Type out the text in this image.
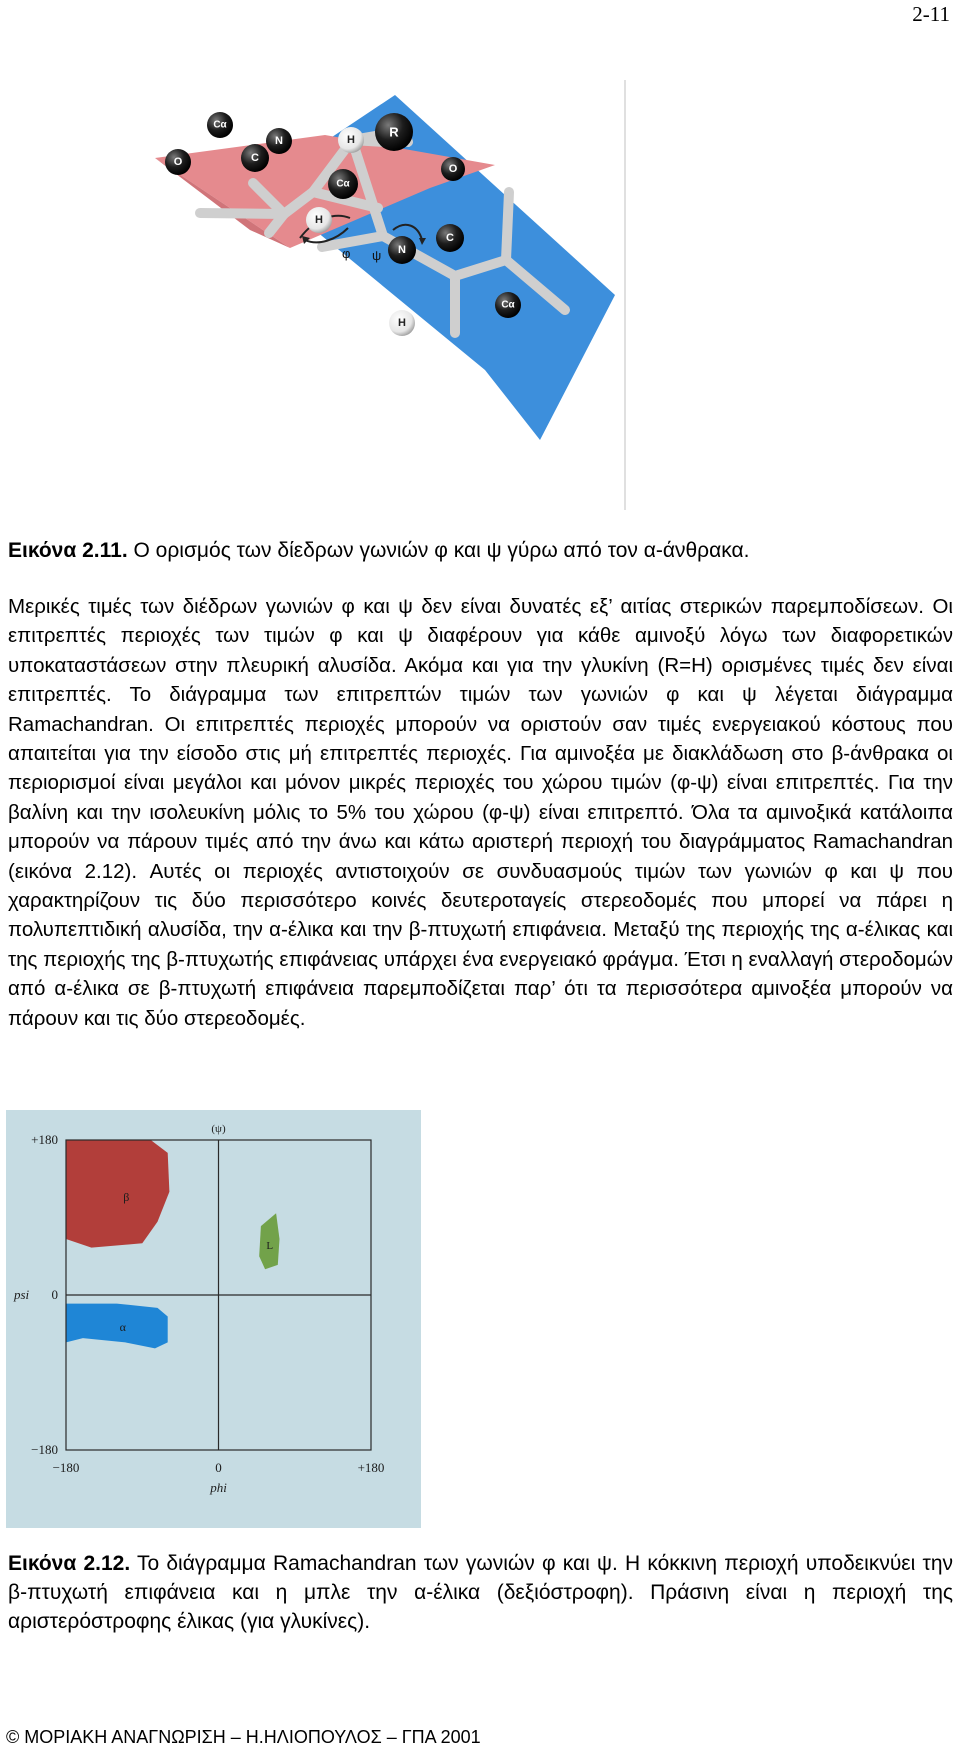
2-11
φ ψ
Cα
O	C
N	H
R
Cα
H
O
N
C
H
Cα
Εικόνα 2.11. Ο ορισμός των δίεδρων γωνιών φ και ψ γύρω από τον α-άνθρακα.
Μερικές τιμές των διέδρων γωνιών φ και ψ δεν είναι δυνατές εξ’ αιτίας στερικών παρεμποδίσεων. Οι επιτρεπτές περιοχές των τιμών φ και ψ διαφέρουν για κάθε αμινοξύ λόγω των διαφορετικών υποκαταστάσεων στην πλευρική αλυσίδα. Ακόμα και για την γλυκίνη (R=H) ορισμένες τιμές δεν είναι επιτρεπτές. Το διάγραμμα των επιτρεπτών τιμών των γωνιών φ και ψ λέγεται διάγραμμα Ramachandran. Οι επιτρεπτές περιοχές μπορούν να οριστούν σαν τιμές ενεργειακού κόστους που απαιτείται για την είσοδο στις μή επιτρεπτές περιοχές. Για αμινοξέα με διακλάδωση στο β-άνθρακα οι περιορισμοί είναι μεγάλοι και μόνον μικρές περιοχές του χώρου τιμών (φ-ψ) είναι επιτρεπτές. Για την βαλίνη και την ισολευκίνη μόλις το 5% του χώρου (φ-ψ) είναι επιτρεπτό. Όλα τα αμινοξικά κατάλοιπα μπορούν να πάρουν τιμές από την άνω και κάτω αριστερή περιοχή του διαγράμματος Ramachandran (εικόνα 2.12). Αυτές οι περιοχές αντιστοιχούν σε συνδυασμούς τιμών των γωνιών φ και ψ που χαρακτηρίζουν τις δύο περισσότερο κοινές δευτεροταγείς στερεοδομές που μπορεί να πάρει η πολυπεπτιδική αλυσίδα, την α-έλικα και την β-πτυχωτή επιφάνεια. Μεταξύ της περιοχής της α-έλικας και της περιοχής της β-πτυχωτής επιφάνειας υπάρχει ένα ενεργειακό φράγμα. Έτσι η εναλλαγή στεροδομών από α-έλικα σε β-πτυχωτή επιφάνεια παρεμποδίζεται παρ’ ότι τα περισσότερα αμινοξέα μπορούν να πάρουν και τις δύο στερεοδομές.
(ψ)
−180	0	+180
+180
0
−180
phi
psi
β
α
L
Εικόνα 2.12. Το διάγραμμα Ramachandran των γωνιών φ και ψ. Η κόκκινη περιοχή υποδεικνύει την β-πτυχωτή επιφάνεια και η μπλε την α-έλικα (δεξιόστροφη). Πράσινη είναι η περιοχή της αριστερόστροφης έλικας (για γλυκίνες).
© ΜΟΡΙΑΚΗ ΑΝΑΓΝΩΡΙΣΗ – Η.ΗΛΙΟΠΟΥΛΟΣ – ΓΠΑ 2001
